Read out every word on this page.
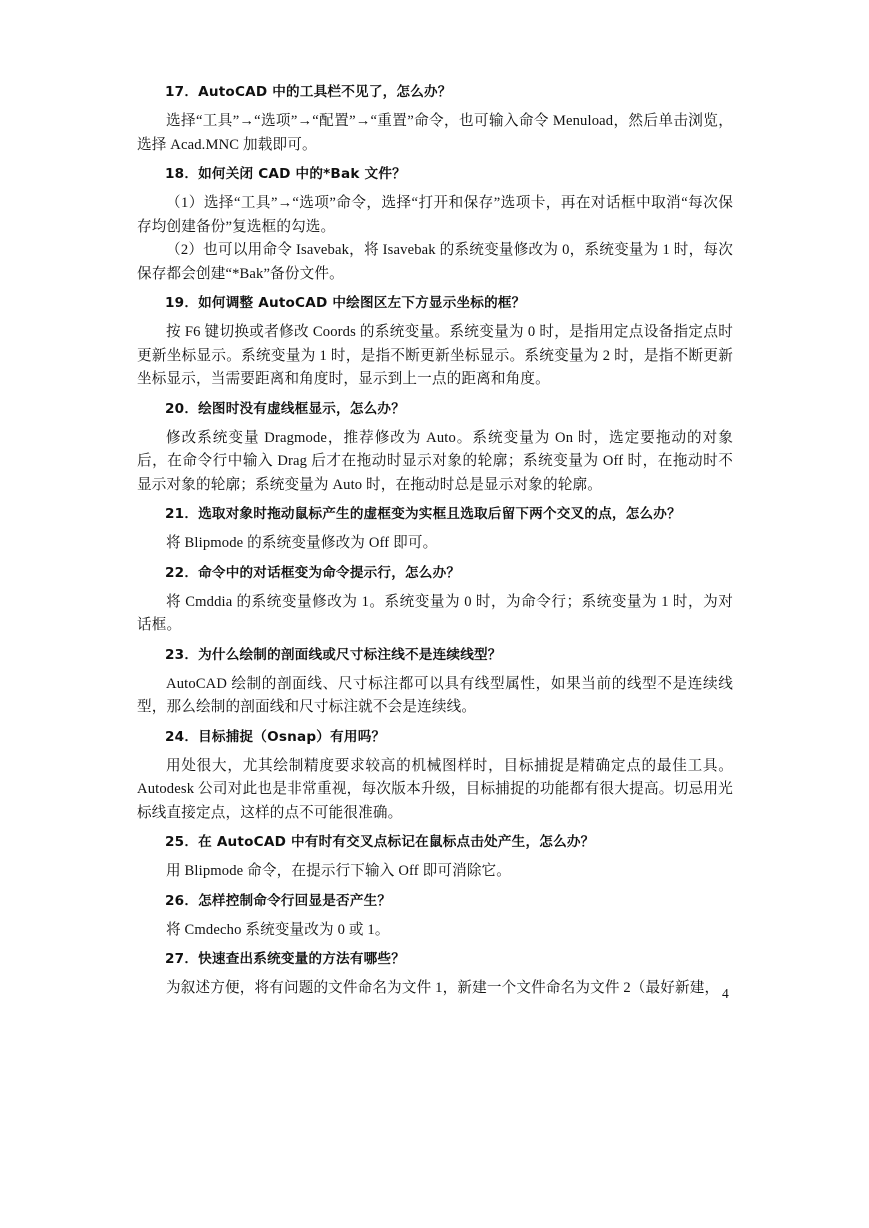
17．AutoCAD 中的工具栏不见了，怎么办？
选择“工具”→“选项”→“配置”→“重置”命令，也可输入命令 Menuload，然后单击浏览，选择 Acad.MNC 加载即可。
18．如何关闭 CAD 中的*Bak 文件？
（1）选择“工具”→“选项”命令，选择“打开和保存”选项卡，再在对话框中取消“每次保存均创建备份”复选框的勾选。
（2）也可以用命令 Isavebak，将 Isavebak 的系统变量修改为 0，系统变量为 1 时，每次保存都会创建“*Bak”备份文件。
19．如何调整 AutoCAD 中绘图区左下方显示坐标的框？
按 F6 键切换或者修改 Coords 的系统变量。系统变量为 0 时，是指用定点设备指定点时更新坐标显示。系统变量为 1 时，是指不断更新坐标显示。系统变量为 2 时，是指不断更新坐标显示，当需要距离和角度时，显示到上一点的距离和角度。
20．绘图时没有虚线框显示，怎么办？
修改系统变量 Dragmode，推荐修改为 Auto。系统变量为 On 时，选定要拖动的对象后，在命令行中输入 Drag 后才在拖动时显示对象的轮廓；系统变量为 Off 时，在拖动时不显示对象的轮廓；系统变量为 Auto 时，在拖动时总是显示对象的轮廓。
21．选取对象时拖动鼠标产生的虚框变为实框且选取后留下两个交叉的点，怎么办？
将 Blipmode 的系统变量修改为 Off 即可。
22．命令中的对话框变为命令提示行，怎么办？
将 Cmddia 的系统变量修改为 1。系统变量为 0 时，为命令行；系统变量为 1 时，为对话框。
23．为什么绘制的剖面线或尺寸标注线不是连续线型？
AutoCAD 绘制的剖面线、尺寸标注都可以具有线型属性，如果当前的线型不是连续线型，那么绘制的剖面线和尺寸标注就不会是连续线。
24．目标捕捉（Osnap）有用吗？
用处很大，尤其绘制精度要求较高的机械图样时，目标捕捉是精确定点的最佳工具。Autodesk 公司对此也是非常重视，每次版本升级，目标捕捉的功能都有很大提高。切忌用光标线直接定点，这样的点不可能很准确。
25．在 AutoCAD 中有时有交叉点标记在鼠标点击处产生，怎么办？
用 Blipmode 命令，在提示行下输入 Off 即可消除它。
26．怎样控制命令行回显是否产生？
将 Cmdecho 系统变量改为 0 或 1。
27．快速查出系统变量的方法有哪些？
为叙述方便，将有问题的文件命名为文件 1，新建一个文件命名为文件 2（最好新建， 4
